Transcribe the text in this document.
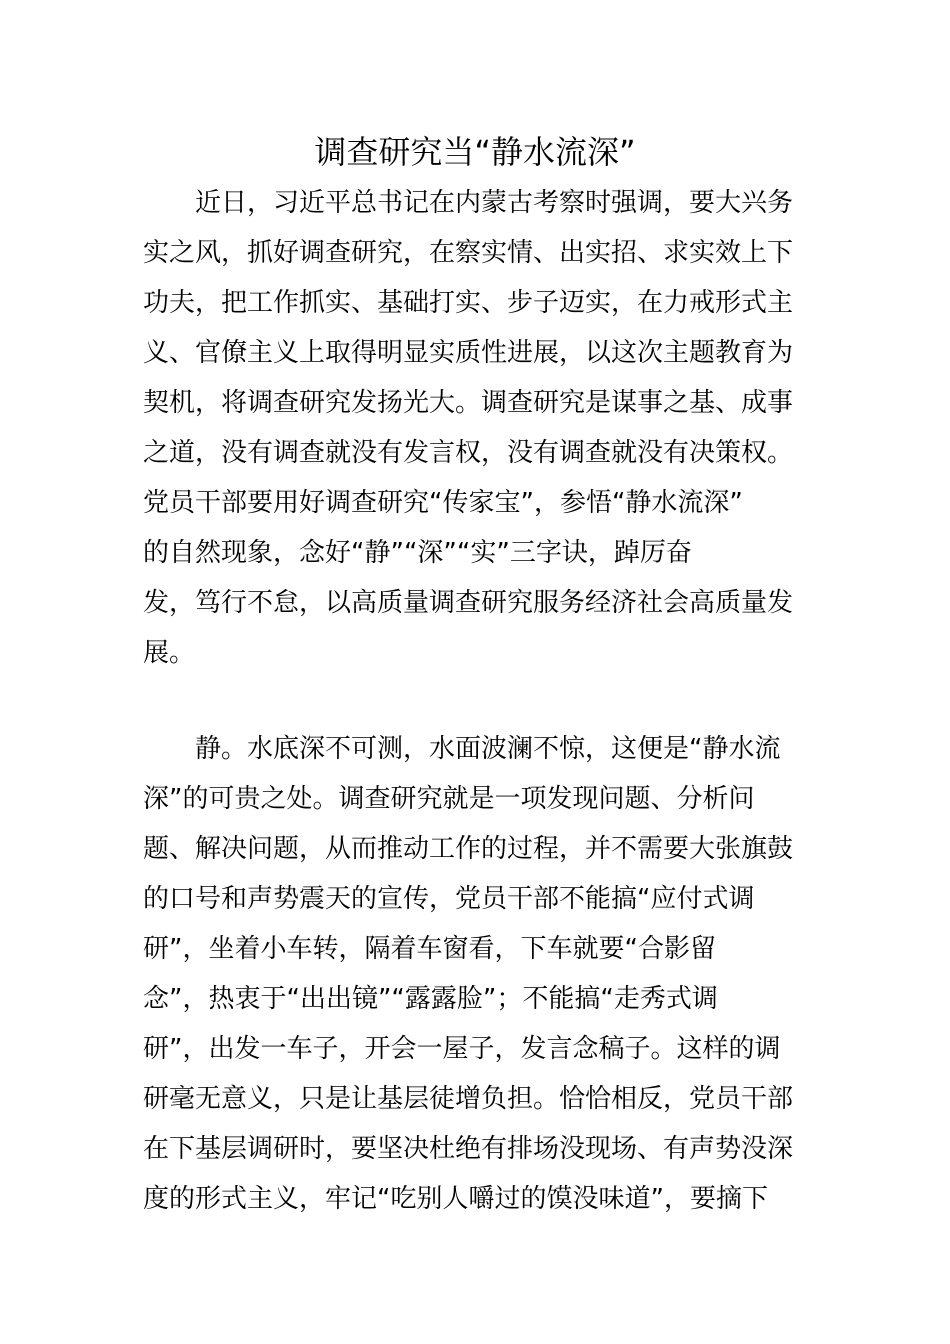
调查研究当“静水流深”
近日，习近平总书记在内蒙古考察时强调，要大兴务
实之风，抓好调查研究，在察实情、出实招、求实效上下
功夫，把工作抓实、基础打实、步子迈实，在力戒形式主
义、官僚主义上取得明显实质性进展，以这次主题教育为
契机，将调查研究发扬光大。调查研究是谋事之基、成事
之道，没有调查就没有发言权，没有调查就没有决策权。
党员干部要用好调查研究“传家宝”，参悟“静水流深”
的自然现象，念好“静”“深”“实”三字诀，踔厉奋
发，笃行不怠，以高质量调查研究服务经济社会高质量发
展。
静。水底深不可测，水面波澜不惊，这便是“静水流
深”的可贵之处。调查研究就是一项发现问题、分析问
题、解决问题，从而推动工作的过程，并不需要大张旗鼓
的口号和声势震天的宣传，党员干部不能搞“应付式调
研”，坐着小车转，隔着车窗看，下车就要“合影留
念”，热衷于“出出镜”“露露脸”；不能搞“走秀式调
研”，出发一车子，开会一屋子，发言念稿子。这样的调
研毫无意义，只是让基层徒增负担。恰恰相反，党员干部
在下基层调研时，要坚决杜绝有排场没现场、有声势没深
度的形式主义，牢记“吃别人嚼过的馍没味道”，要摘下
